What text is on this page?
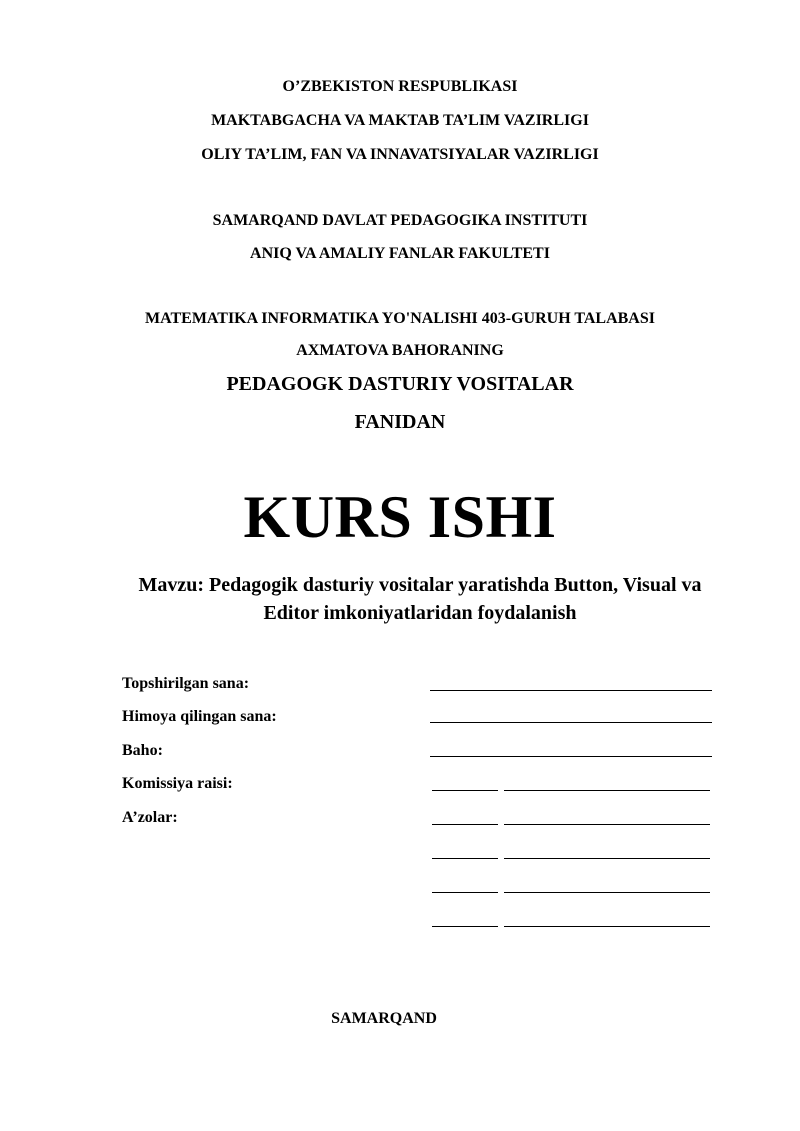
O’ZBEKISTON RESPUBLIKASI
MAKTABGACHA VA MAKTAB TA’LIM VAZIRLIGI
OLIY TA’LIM, FAN VA INNAVATSIYALAR VAZIRLIGI
SAMARQAND DAVLAT PEDAGOGIKA INSTITUTI
ANIQ VA AMALIY FANLAR FAKULTETI
MATEMATIKA INFORMATIKA YO'NALISHI 403-GURUH TALABASI
AXMATOVA BAHORANING
PEDAGOGK DASTURIY VOSITALAR
FANIDAN
KURS ISHI
Mavzu: Pedagogik dasturiy vositalar yaratishda Button, Visual va
Editor imkoniyatlaridan foydalanish
Topshirilgan sana:
Himoya qilingan sana:
Baho:
Komissiya raisi:
A’zolar:
SAMARQAND
